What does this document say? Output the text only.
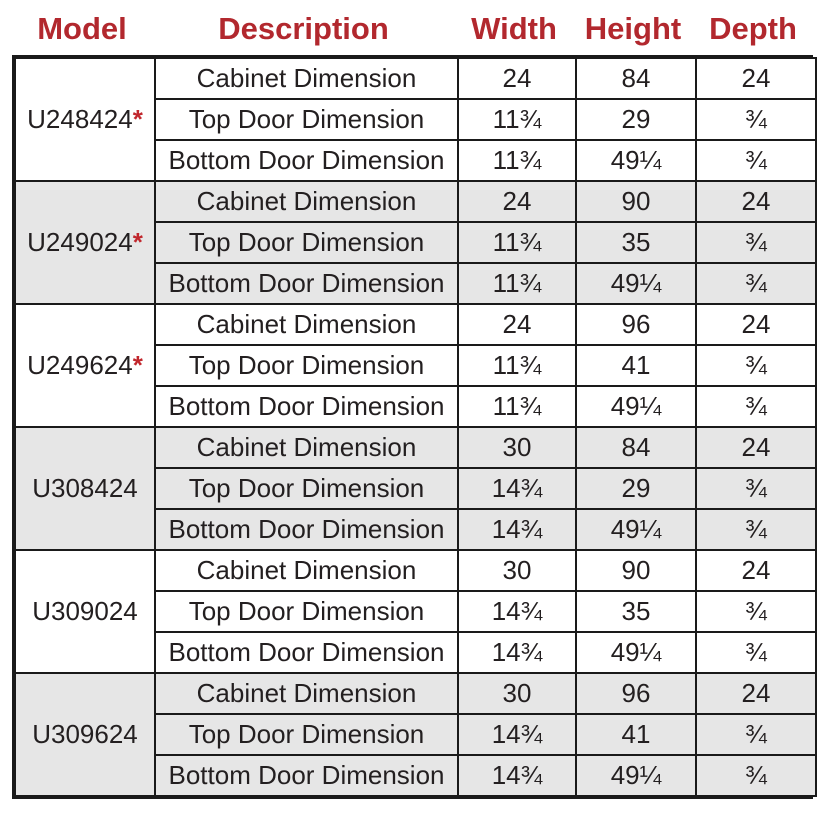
Model	Description	Width Height Depth
U248424*	Cabinet Dimension	24	84	24
	Top Door Dimension	11¾	29	¾
	Bottom Door Dimension	11¾	49¼	¾
U249024*	Cabinet Dimension	24	90	24
	Top Door Dimension	11¾	35	¾
	Bottom Door Dimension	11¾	49¼	¾
U249624*	Cabinet Dimension	24	96	24
	Top Door Dimension	11¾	41	¾
	Bottom Door Dimension	11¾	49¼	¾
U308424	Cabinet Dimension	30	84	24
	Top Door Dimension	14¾	29	¾
	Bottom Door Dimension	14¾	49¼	¾
U309024	Cabinet Dimension	30	90	24
	Top Door Dimension	14¾	35	¾
	Bottom Door Dimension	14¾	49¼	¾
U309624	Cabinet Dimension	30	96	24
	Top Door Dimension	14¾	41	¾
	Bottom Door Dimension	14¾	49¼	¾
